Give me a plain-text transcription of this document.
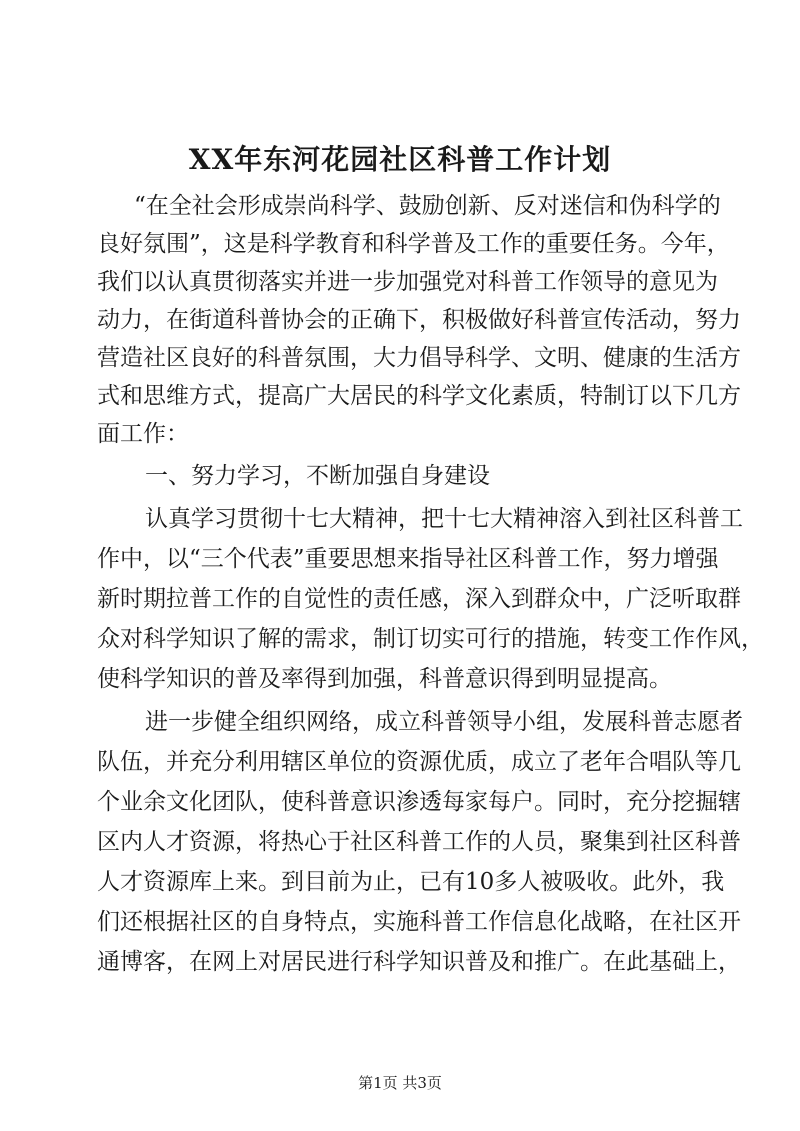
XX年东河花园社区科普工作计划

“在全社会形成崇尚科学、鼓励创新、反对迷信和伪科学的

良好氛围”，这是科学教育和科学普及工作的重要任务。今年，

我们以认真贯彻落实并进一步加强党对科普工作领导的意见为

动力，在街道科普协会的正确下，积极做好科普宣传活动，努力

营造社区良好的科普氛围，大力倡导科学、文明、健康的生活方

式和思维方式，提高广大居民的科学文化素质，特制订以下几方

面工作：

一、努力学习，不断加强自身建设

认真学习贯彻十七大精神，把十七大精神溶入到社区科普工

作中，以“三个代表”重要思想来指导社区科普工作，努力增强

新时期拉普工作的自觉性的责任感，深入到群众中，广泛听取群

众对科学知识了解的需求，制订切实可行的措施，转变工作作风，

使科学知识的普及率得到加强，科普意识得到明显提高。

进一步健全组织网络，成立科普领导小组，发展科普志愿者

队伍，并充分利用辖区单位的资源优质，成立了老年合唱队等几

个业余文化团队，使科普意识渗透每家每户。同时，充分挖掘辖

区内人才资源，将热心于社区科普工作的人员，聚集到社区科普

人才资源库上来。到目前为止，已有10多人被吸收。此外，我

们还根据社区的自身特点，实施科普工作信息化战略，在社区开

通博客，在网上对居民进行科学知识普及和推广。在此基础上，

第1页 共3页
